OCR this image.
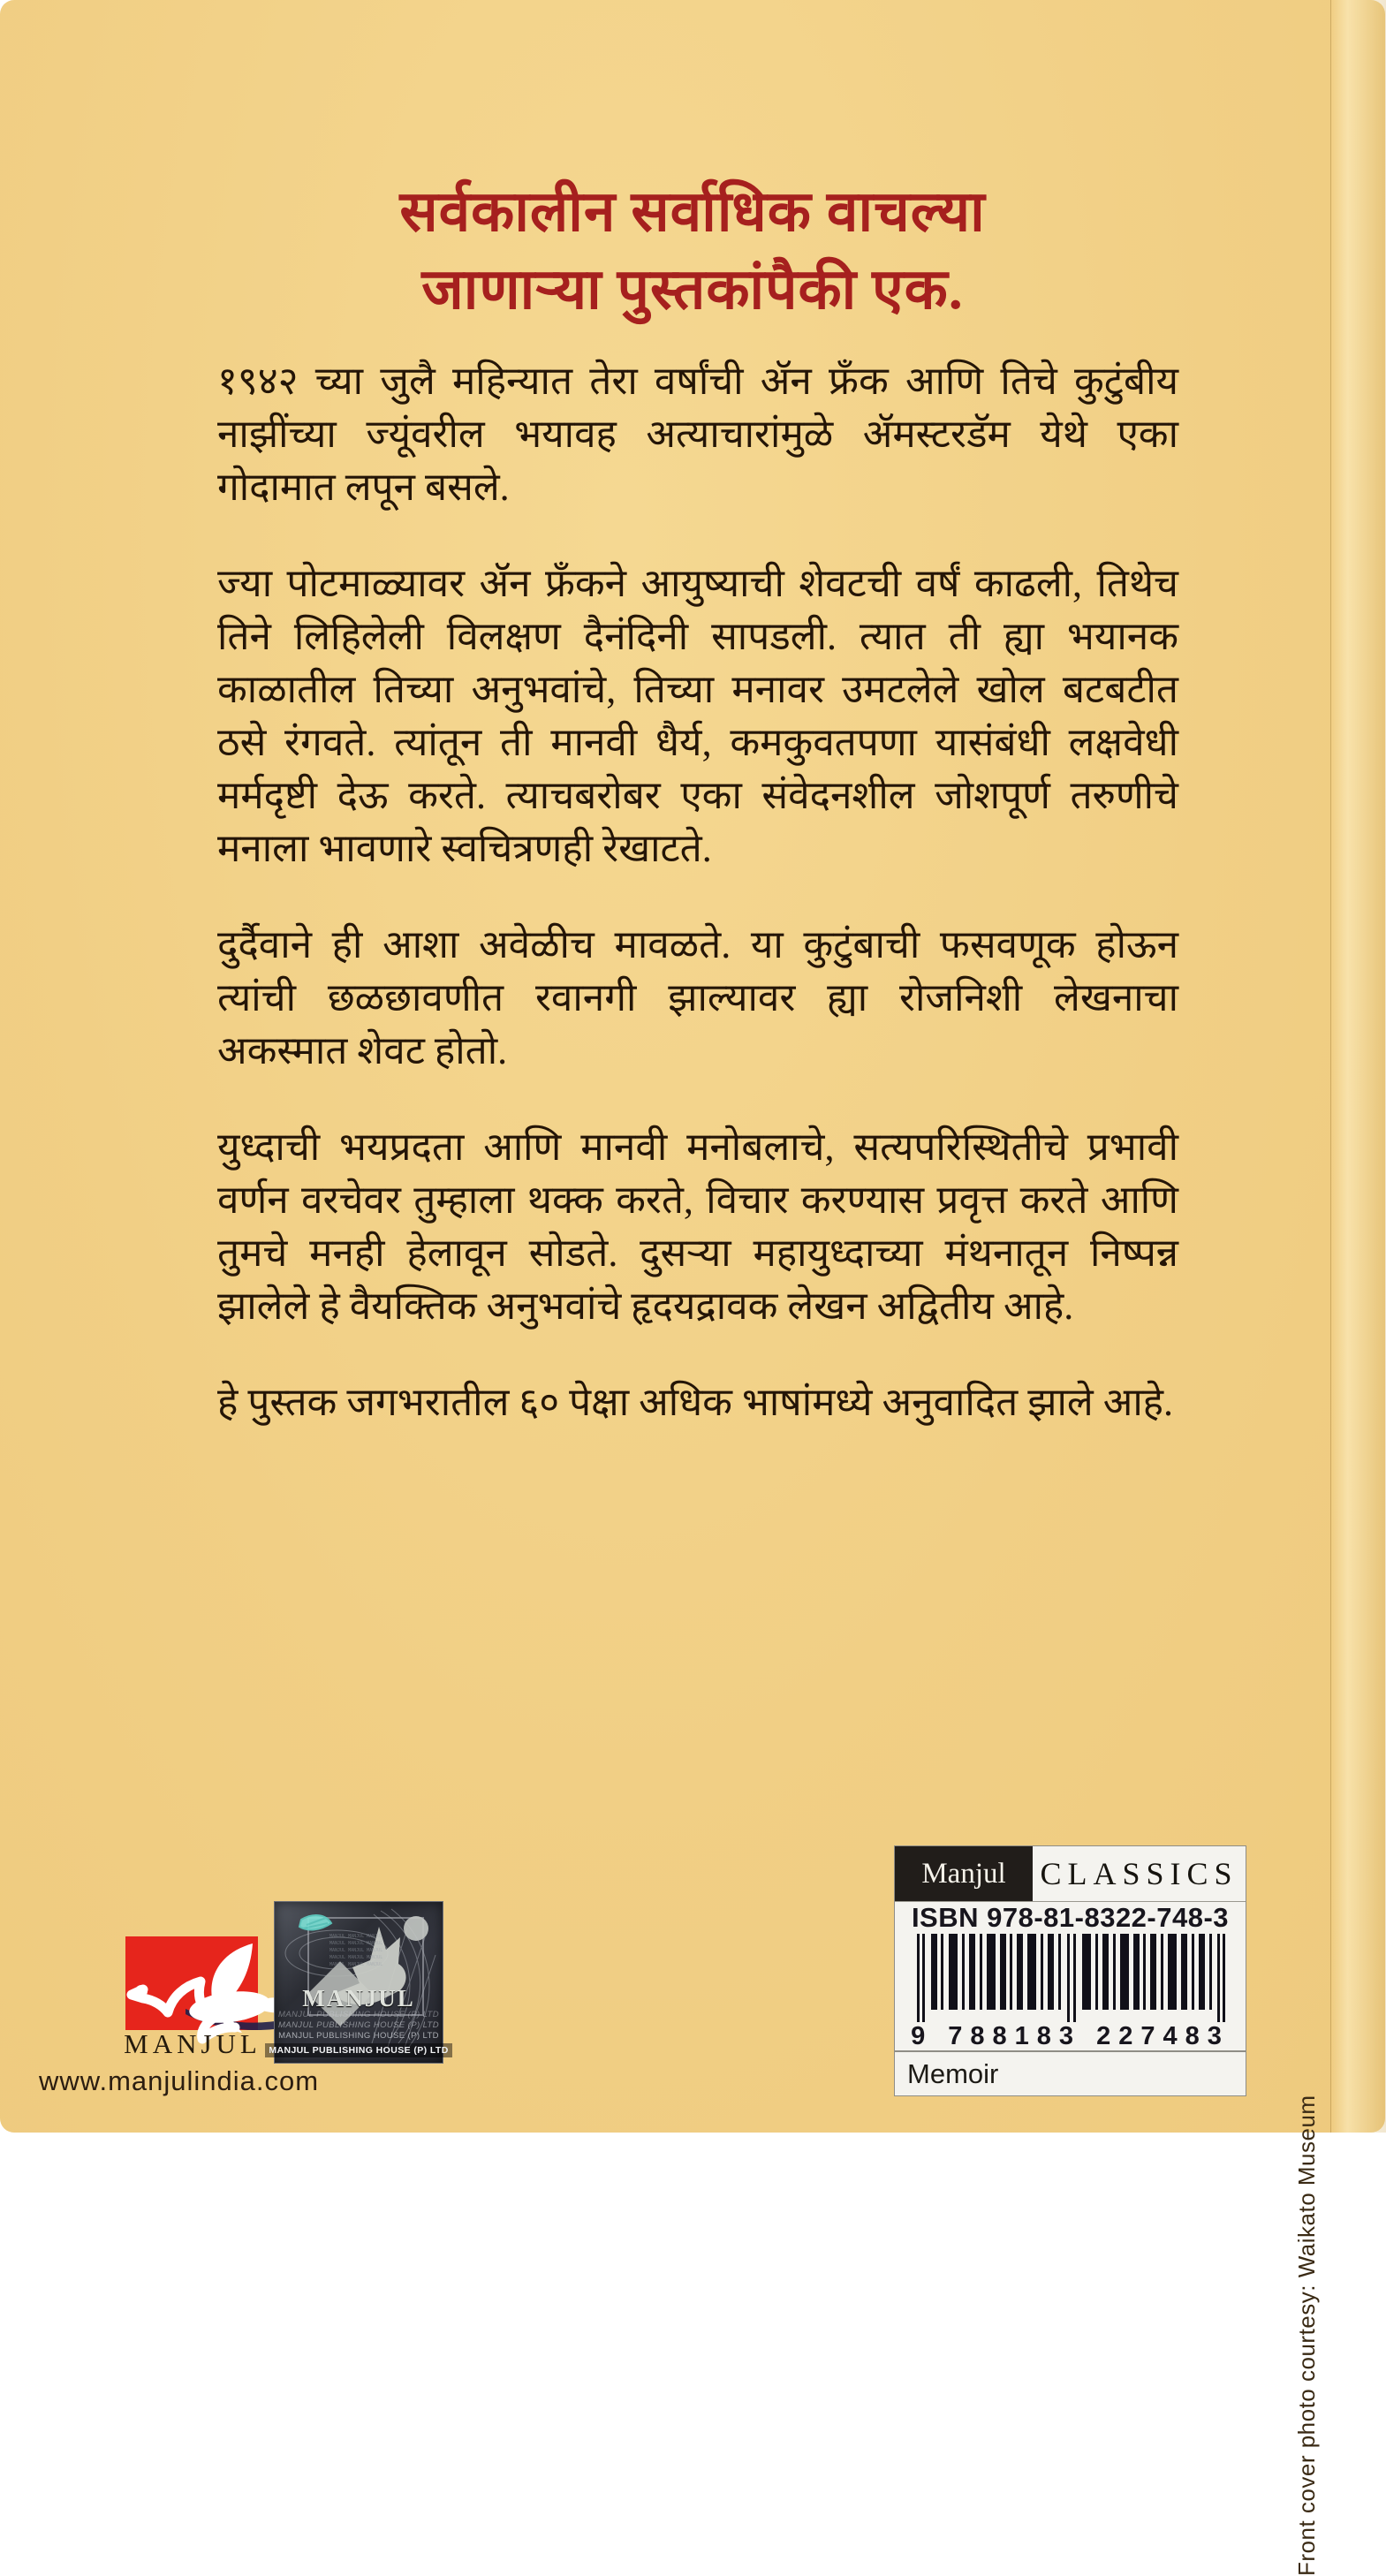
सर्वकालीन सर्वाधिक वाचल्या
जाणाऱ्या पुस्तकांपैकी एक.

१९४२ च्या जुलै महिन्यात तेरा वर्षांची ॲन फ्रँक आणि तिचे कुटुंबीय नाझींच्या ज्यूंवरील भयावह अत्याचारांमुळे ॲमस्टरडॅम येथे एका गोदामात लपून बसले.

ज्या पोटमाळ्यावर ॲन फ्रँकने आयुष्याची शेवटची वर्षं काढली, तिथेच तिने लिहिलेली विलक्षण दैनंदिनी सापडली. त्यात ती ह्या भयानक काळातील तिच्या अनुभवांचे, तिच्या मनावर उमटलेले खोल बटबटीत ठसे रंगवते. त्यांतून ती मानवी धैर्य, कमकुवतपणा यासंबंधी लक्षवेधी मर्मदृष्टी देऊ करते. त्याचबरोबर एका संवेदनशील जोशपूर्ण तरुणीचे मनाला भावणारे स्वचित्रणही रेखाटते.

दुर्दैवाने ही आशा अवेळीच मावळते. या कुटुंबाची फसवणूक होऊन त्यांची छळछावणीत रवानगी झाल्यावर ह्या रोजनिशी लेखनाचा अकस्मात शेवट होतो.

युध्दाची भयप्रदता आणि मानवी मनोबलाचे, सत्यपरिस्थितीचे प्रभावी वर्णन वरचेवर तुम्हाला थक्क करते, विचार करण्यास प्रवृत्त करते आणि तुमचे मनही हेलावून सोडते. दुसऱ्या महायुध्दाच्या मंथनातून निष्पन्न झालेले हे वैयक्तिक अनुभवांचे हृदयद्रावक लेखन अद्वितीय आहे.

हे पुस्तक जगभरातील ६० पेक्षा अधिक भाषांमध्ये अनुवादित झाले आहे.

MANJUL
www.manjulindia.com
MANJUL MANJUL MANJUL
MANJUL MANJUL MANJUL
MANJUL MANJUL MANJUL
MANJUL MANJUL MANJUL
MANJUL MANJUL MANJUL
MANJUL
MANJUL PUBLISHING HOUSE (P) LTD
MANJUL PUBLISHING HOUSE (P) LTD
MANJUL PUBLISHING HOUSE (P) LTD
MANJUL PUBLISHING HOUSE (P) LTD
Manjul	CLASSICS
ISBN 978-81-8322-748-3
9 788183 227483
Memoir
Front cover photo courtesy: Waikato Museum
